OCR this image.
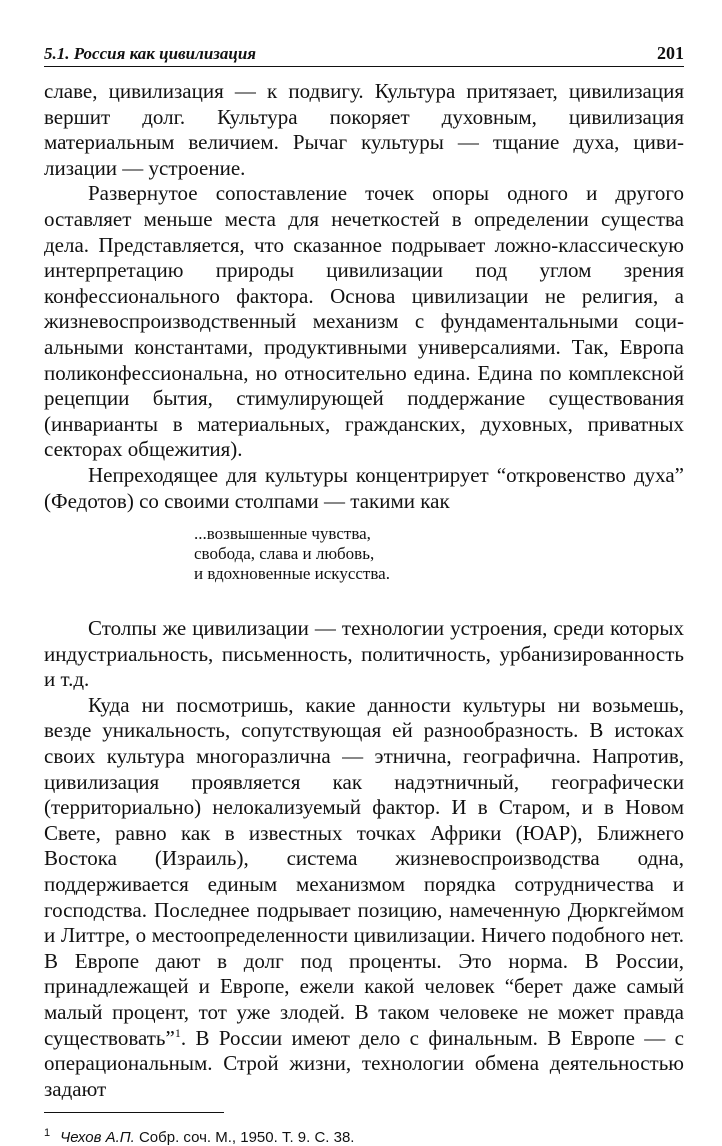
5.1. Россия как цивилизация	201

славе, цивилизация — к подвигу. Культура притязает, цивилизация вершит долг. Культура покоряет духовным, цивилизация материальным величием. Рычаг культуры — тщание духа, цивилизации — устроение.

Развернутое сопоставление точек опоры одного и другого оставляет меньше места для нечеткостей в определении существа дела. Представляется, что сказанное подрывает ложно-классическую интерпретацию природы цивилизации под углом зрения конфессионального фактора. Основа цивилизации не религия, а жизневоспроизводственный механизм с фундаментальными социальными константами, продуктивными универсалиями. Так, Европа поликонфессиональна, но относительно едина. Едина по комплексной рецепции бытия, стимулирующей поддержание существования (инварианты в материальных, гражданских, духовных, приватных секторах общежития).

Непреходящее для культуры концентрирует “откровенство духа” (Федотов) со своими столпами — такими как

...возвышенные чувства,
свобода, слава и любовь,
и вдохновенные искусства.

Столпы же цивилизации — технологии устроения, среди которых индустриальность, письменность, политичность, урбанизированность и т.д.

Куда ни посмотришь, какие данности культуры ни возьмешь, везде уникальность, сопутствующая ей разнообразность. В истоках своих культура многоразлична — этнична, географична. Напротив, цивилизация проявляется как надэтничный, географически (территориально) нелокализуемый фактор. И в Старом, и в Новом Свете, равно как в известных точках Африки (ЮАР), Ближнего Востока (Израиль), система жизневоспроизводства одна, поддерживается единым механизмом порядка сотрудничества и господства. Последнее подрывает позицию, намеченную Дюркгеймом и Литтре, о местоопределенности цивилизации. Ничего подобного нет. В Европе дают в долг под проценты. Это норма. В России, принадлежащей и Европе, ежели какой человек “берет даже самый малый процент, тот уже злодей. В таком человеке не может правда существовать”$^1$. В России имеют дело с финальным. В Европе — с операциональным. Строй жизни, технологии обмена деятельностью задают

$^1$ Чехов А.П. Собр. соч. М., 1950. Т. 9. С. 38.
